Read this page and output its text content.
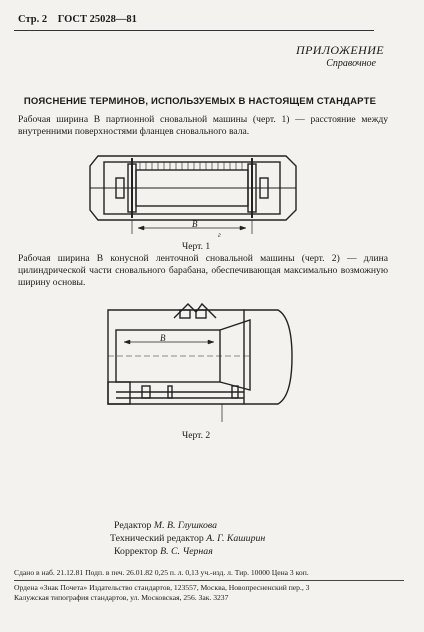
Стр. 2 ГОСТ 25028—81
ПРИЛОЖЕНИЕ
Справочное
ПОЯСНЕНИЕ ТЕРМИНОВ, ИСПОЛЬЗУЕМЫХ В НАСТОЯЩЕМ СТАНДАРТЕ
Рабочая ширина В партионной сновальной машины (черт. 1) — расстояние между внутренними поверхностями фланцев сновального вала.
В
г
Черт. 1
Рабочая ширина В конусной ленточной сновальной машины (черт. 2) — длина цилиндрической части сновального барабана, обеспечивающая максимально возможную ширину основы.
В
Черт. 2
Редактор М. В. Глушкова
Технический редактор А. Г. Каширин
Корректор В. С. Черная
Сдано в наб. 21.12.81 Подп. в печ. 26.01.82 0,25 п. л. 0,13 уч.-изд. л. Тир. 10000 Цена 3 коп.
Ордена «Знак Почета» Издательство стандартов, 123557, Москва, Новопресненский пер., 3
Калужская типография стандартов, ул. Московская, 256. Зак. 3237
